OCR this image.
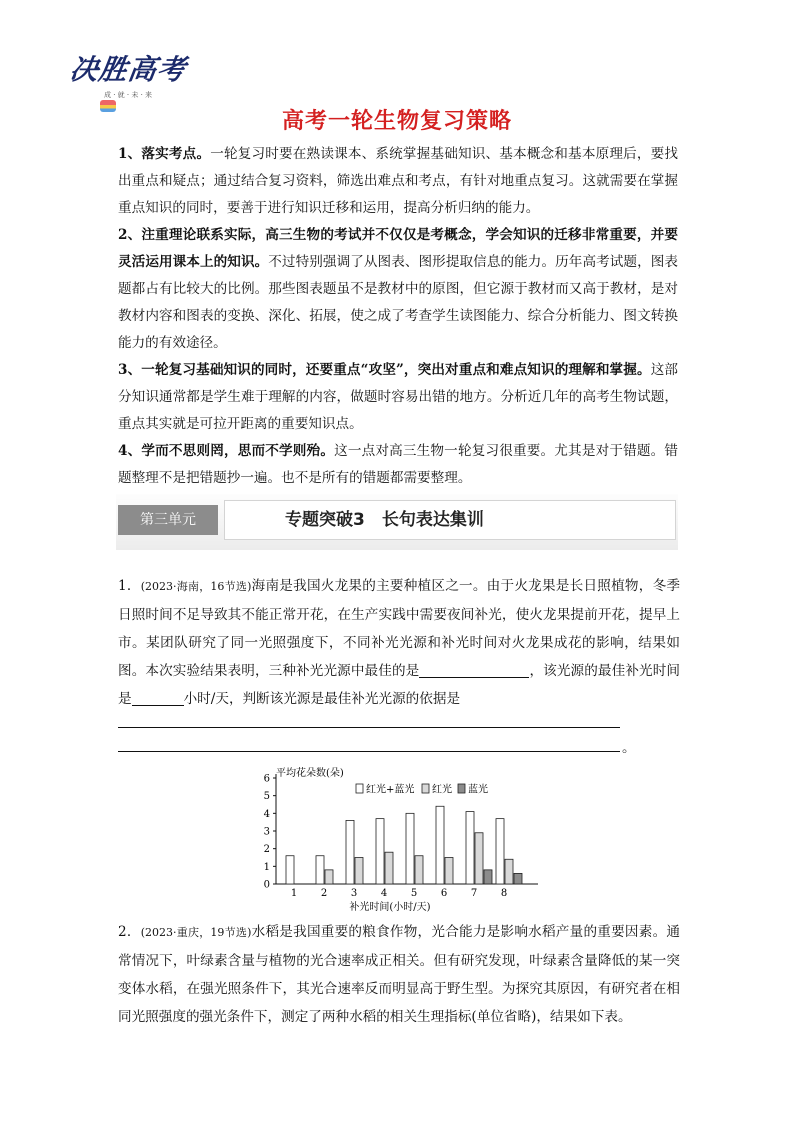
决胜高考
成 · 就 · 未 · 来
高考一轮生物复习策略

1、落实考点。一轮复习时要在熟读课本、系统掌握基础知识、基本概念和基本原理后，要找出重点和疑点；通过结合复习资料，筛选出难点和考点，有针对地重点复习。这就需要在掌握重点知识的同时，要善于进行知识迁移和运用，提高分析归纳的能力。

2、注重理论联系实际，高三生物的考试并不仅仅是考概念，学会知识的迁移非常重要，并要灵活运用课本上的知识。不过特别强调了从图表、图形提取信息的能力。历年高考试题，图表题都占有比较大的比例。那些图表题虽不是教材中的原图，但它源于教材而又高于教材，是对教材内容和图表的变换、深化、拓展，使之成了考查学生读图能力、综合分析能力、图文转换能力的有效途径。

3、一轮复习基础知识的同时，还要重点“攻坚”，突出对重点和难点知识的理解和掌握。这部分知识通常都是学生难于理解的内容，做题时容易出错的地方。分析近几年的高考生物试题，重点其实就是可拉开距离的重要知识点。

4、学而不思则罔，思而不学则殆。这一点对高三生物一轮复习很重要。尤其是对于错题。错题整理不是把错题抄一遍。也不是所有的错题都需要整理。

第三单元	专题突破3　长句表达集训
1．(2023·海南，16节选)海南是我国火龙果的主要种植区之一。由于火龙果是长日照植物，冬季日照时间不足导致其不能正常开花，在生产实践中需要夜间补光，使火龙果提前开花，提早上市。某团队研究了同一光照强度下，不同补光光源和补光时间对火龙果成花的影响，结果如图。本次实验结果表明，三种补光光源中最佳的是	，该光源的最佳补光时间是	小时/天，判断该光源是最佳补光光源的依据是
。
0
1
2
3
4
5
6
1 2 3 4 5 6 7 8
红光+蓝光 红光 蓝光
补光时间(小时/天)
平均花朵数(朵)
2．(2023·重庆，19节选)水稻是我国重要的粮食作物，光合能力是影响水稻产量的重要因素。通常情况下，叶绿素含量与植物的光合速率成正相关。但有研究发现，叶绿素含量降低的某一突变体水稻，在强光照条件下，其光合速率反而明显高于野生型。为探究其原因，有研究者在相同光照强度的强光条件下，测定了两种水稻的相关生理指标(单位省略)，结果如下表。
